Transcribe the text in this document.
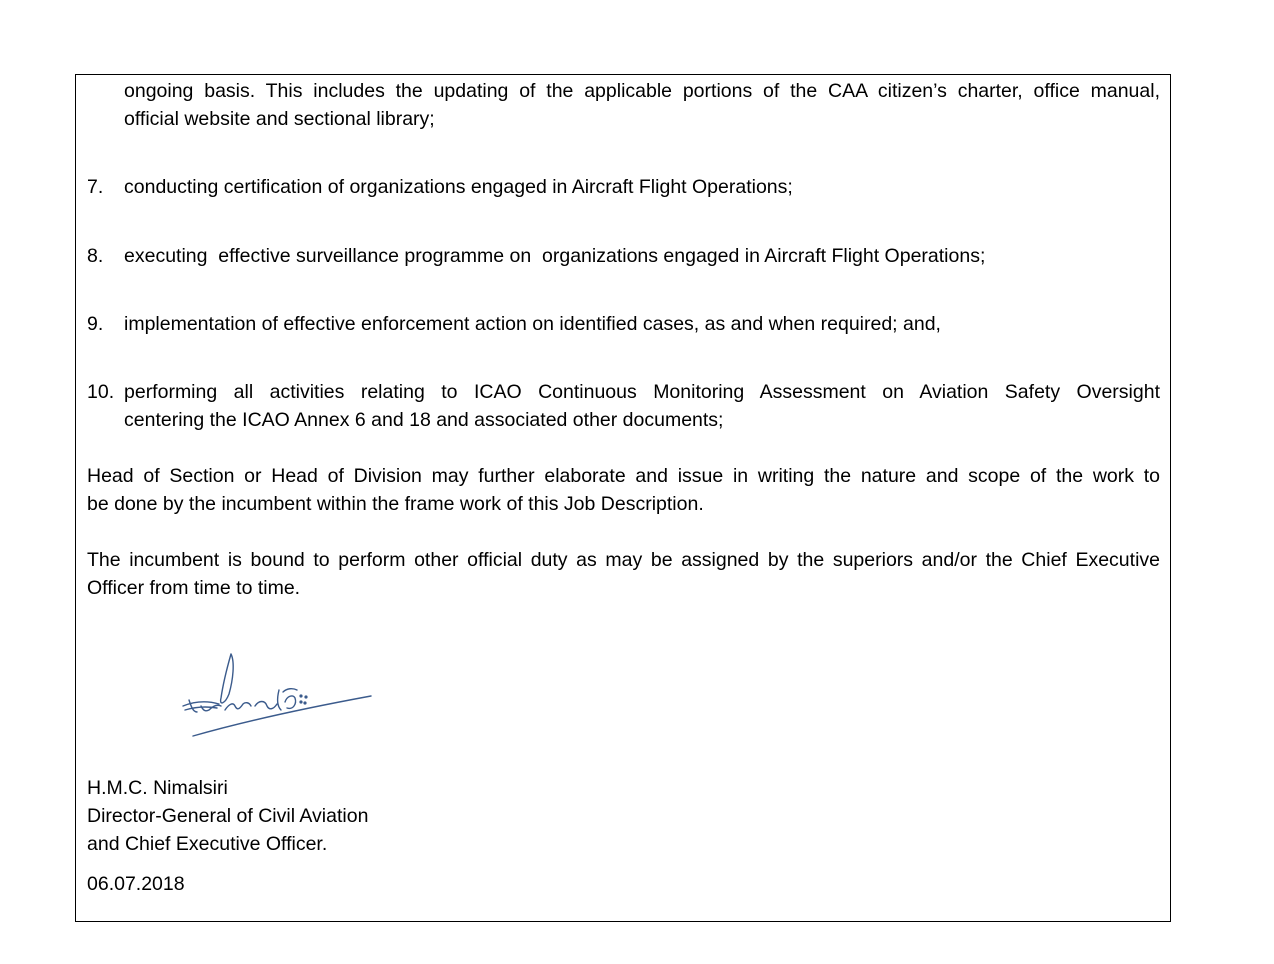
ongoing basis. This includes the updating of the applicable portions of the CAA citizen’s charter, office manual,
official website and sectional library;
7. conducting certification of organizations engaged in Aircraft Flight Operations;
8. executing  effective surveillance programme on  organizations engaged in Aircraft Flight Operations;
9. implementation of effective enforcement action on identified cases, as and when required; and,
10. performing all activities relating to ICAO Continuous Monitoring Assessment on Aviation Safety Oversight
centering the ICAO Annex 6 and 18 and associated other documents;
Head of Section or Head of Division may further elaborate and issue in writing the nature and scope of the work to
be done by the incumbent within the frame work of this Job Description.
The incumbent is bound to perform other official duty as may be assigned by the superiors and/or the Chief Executive
Officer from time to time.
H.M.C. Nimalsiri
Director-General of Civil Aviation
and Chief Executive Officer.
06.07.2018
